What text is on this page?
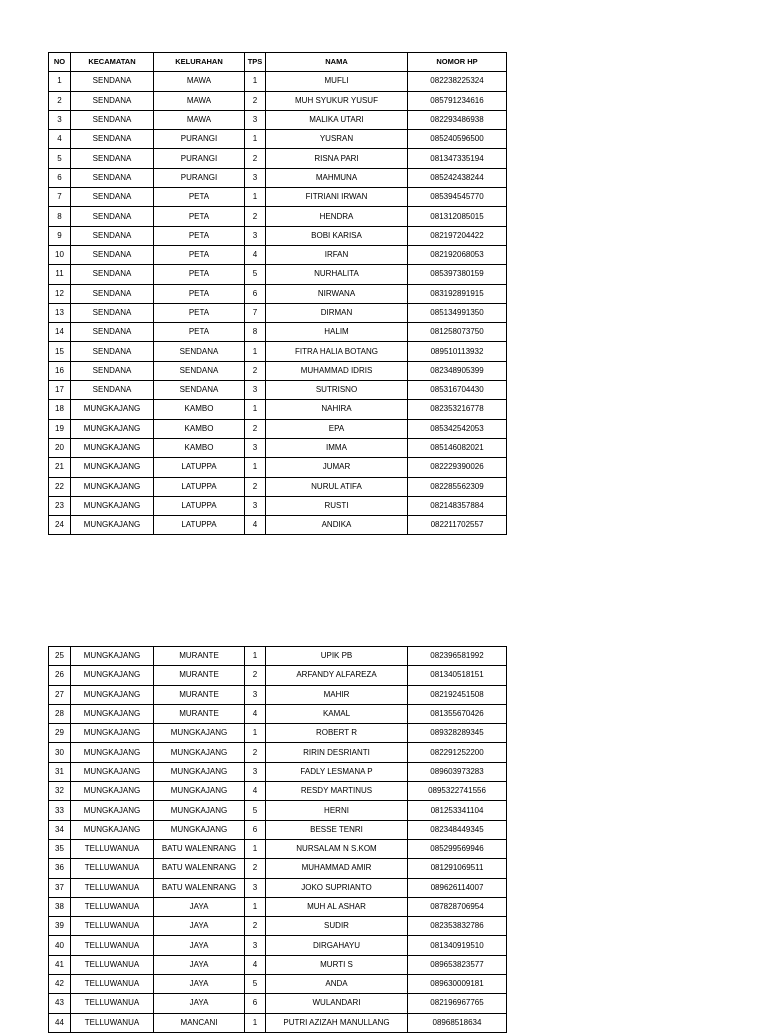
NO	KECAMATAN	KELURAHAN	TPS	NAMA	NOMOR HP
1	SENDANA	MAWA	1	MUFLI	082238225324
2	SENDANA	MAWA	2	MUH SYUKUR YUSUF	085791234616
3	SENDANA	MAWA	3	MALIKA UTARI	082293486938
4	SENDANA	PURANGI	1	YUSRAN	085240596500
5	SENDANA	PURANGI	2	RISNA PARI	081347335194
6	SENDANA	PURANGI	3	MAHMUNA	085242438244
7	SENDANA	PETA	1	FITRIANI IRWAN	085394545770
8	SENDANA	PETA	2	HENDRA	081312085015
9	SENDANA	PETA	3	BOBI KARISA	082197204422
10	SENDANA	PETA	4	IRFAN	082192068053
11	SENDANA	PETA	5	NURHALITA	085397380159
12	SENDANA	PETA	6	NIRWANA	083192891915
13	SENDANA	PETA	7	DIRMAN	085134991350
14	SENDANA	PETA	8	HALIM	081258073750
15	SENDANA	SENDANA	1	FITRA HALIA BOTANG	089510113932
16	SENDANA	SENDANA	2	MUHAMMAD IDRIS	082348905399
17	SENDANA	SENDANA	3	SUTRISNO	085316704430
18	MUNGKAJANG	KAMBO	1	NAHIRA	082353216778
19	MUNGKAJANG	KAMBO	2	EPA	085342542053
20	MUNGKAJANG	KAMBO	3	IMMA	085146082021
21	MUNGKAJANG	LATUPPA	1	JUMAR	082229390026
22	MUNGKAJANG	LATUPPA	2	NURUL ATIFA	082285562309
23	MUNGKAJANG	LATUPPA	3	RUSTI	082148357884
24	MUNGKAJANG	LATUPPA	4	ANDIKA	082211702557
25	MUNGKAJANG	MURANTE	1	UPIK PB	082396581992
26	MUNGKAJANG	MURANTE	2	ARFANDY ALFAREZA	081340518151
27	MUNGKAJANG	MURANTE	3	MAHIR	082192451508
28	MUNGKAJANG	MURANTE	4	KAMAL	081355670426
29	MUNGKAJANG	MUNGKAJANG	1	ROBERT R	089328289345
30	MUNGKAJANG	MUNGKAJANG	2	RIRIN DESRIANTI	082291252200
31	MUNGKAJANG	MUNGKAJANG	3	FADLY LESMANA P	089603973283
32	MUNGKAJANG	MUNGKAJANG	4	RESDY MARTINUS	0895322741556
33	MUNGKAJANG	MUNGKAJANG	5	HERNI	081253341104
34	MUNGKAJANG	MUNGKAJANG	6	BESSE TENRI	082348449345
35	TELLUWANUA	BATU WALENRANG	1	NURSALAM N S.KOM	085299569946
36	TELLUWANUA	BATU WALENRANG	2	MUHAMMAD AMIR	081291069511
37	TELLUWANUA	BATU WALENRANG	3	JOKO SUPRIANTO	089626114007
38	TELLUWANUA	JAYA	1	MUH AL ASHAR	087828706954
39	TELLUWANUA	JAYA	2	SUDIR	082353832786
40	TELLUWANUA	JAYA	3	DIRGAHAYU	081340919510
41	TELLUWANUA	JAYA	4	MURTI S	089653823577
42	TELLUWANUA	JAYA	5	ANDA	089630009181
43	TELLUWANUA	JAYA	6	WULANDARI	082196967765
44	TELLUWANUA	MANCANI	1	PUTRI AZIZAH MANULLANG	08968518634
